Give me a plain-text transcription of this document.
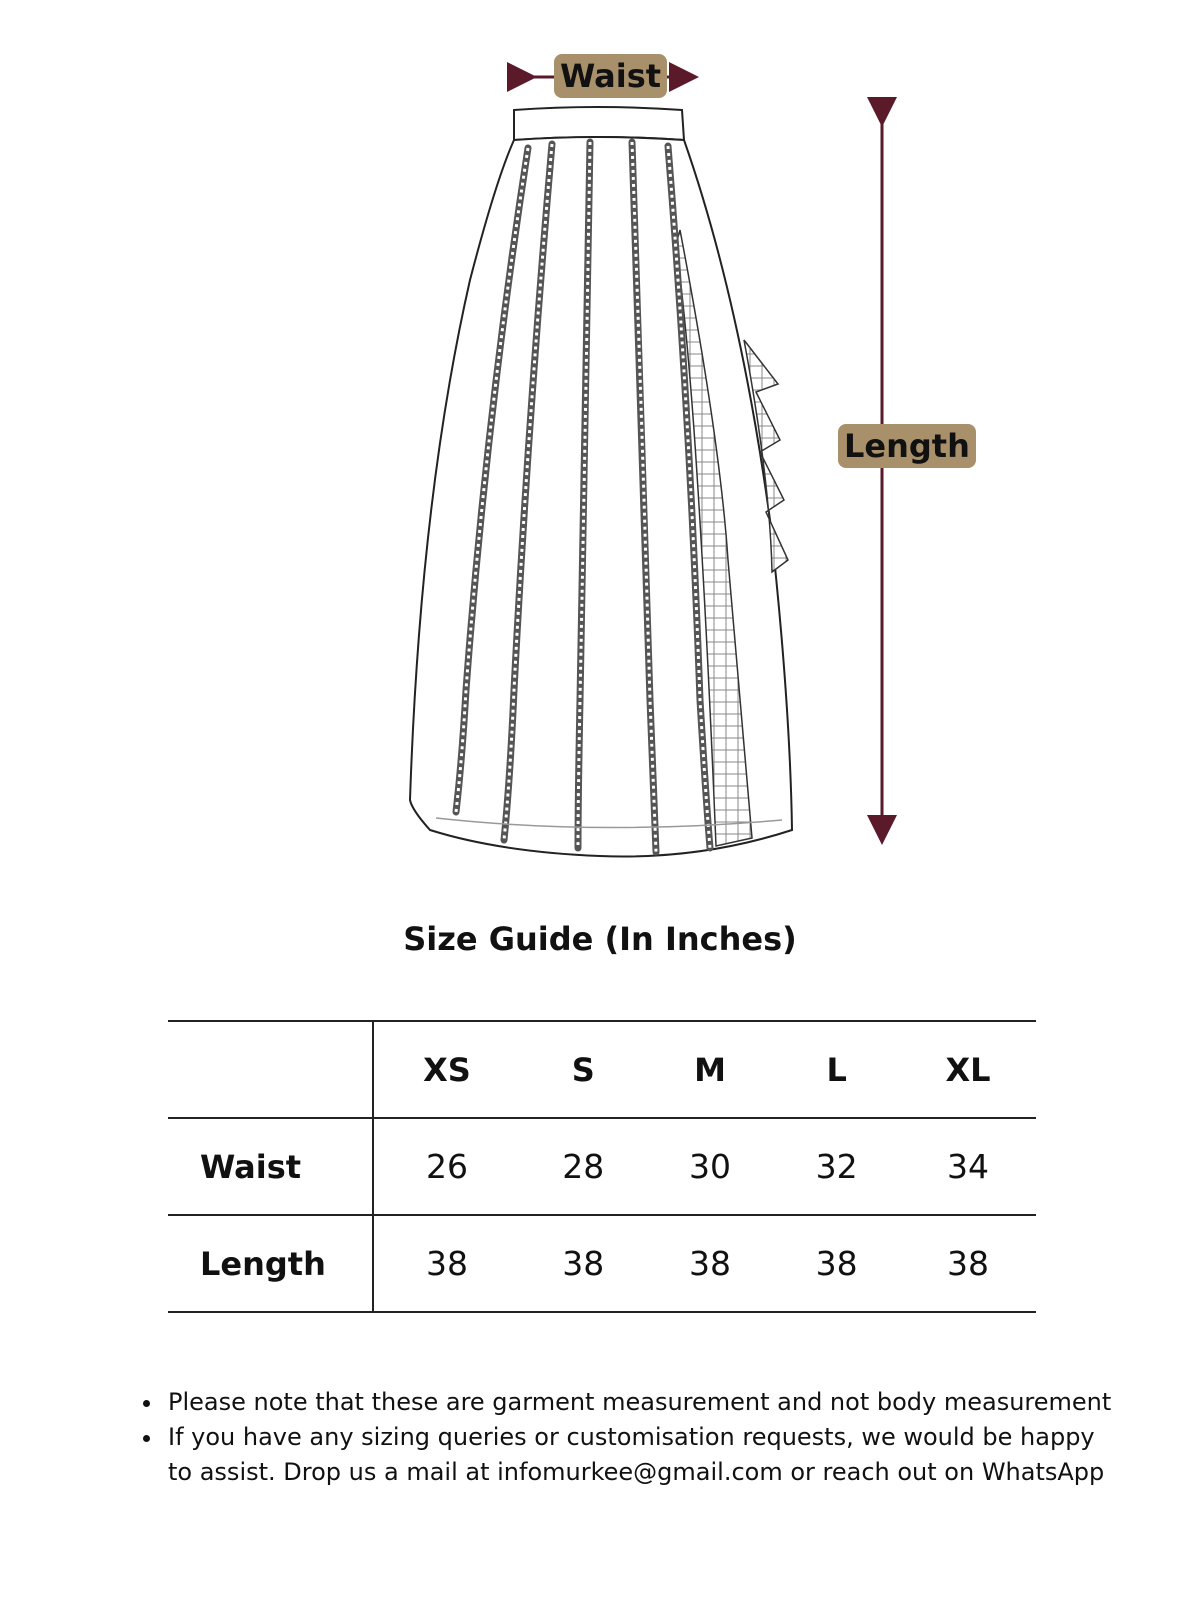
Waist
Length
Size Guide (In Inches)
	XS	S	M	L	XL
Waist	26	28	30	32	34
Length	38	38	38	38	38
• Please note that these are garment measurement and not body measurement
• If you have any sizing queries or customisation requests, we would be happy to assist. Drop us a mail at infomurkee@gmail.com or reach out on WhatsApp
